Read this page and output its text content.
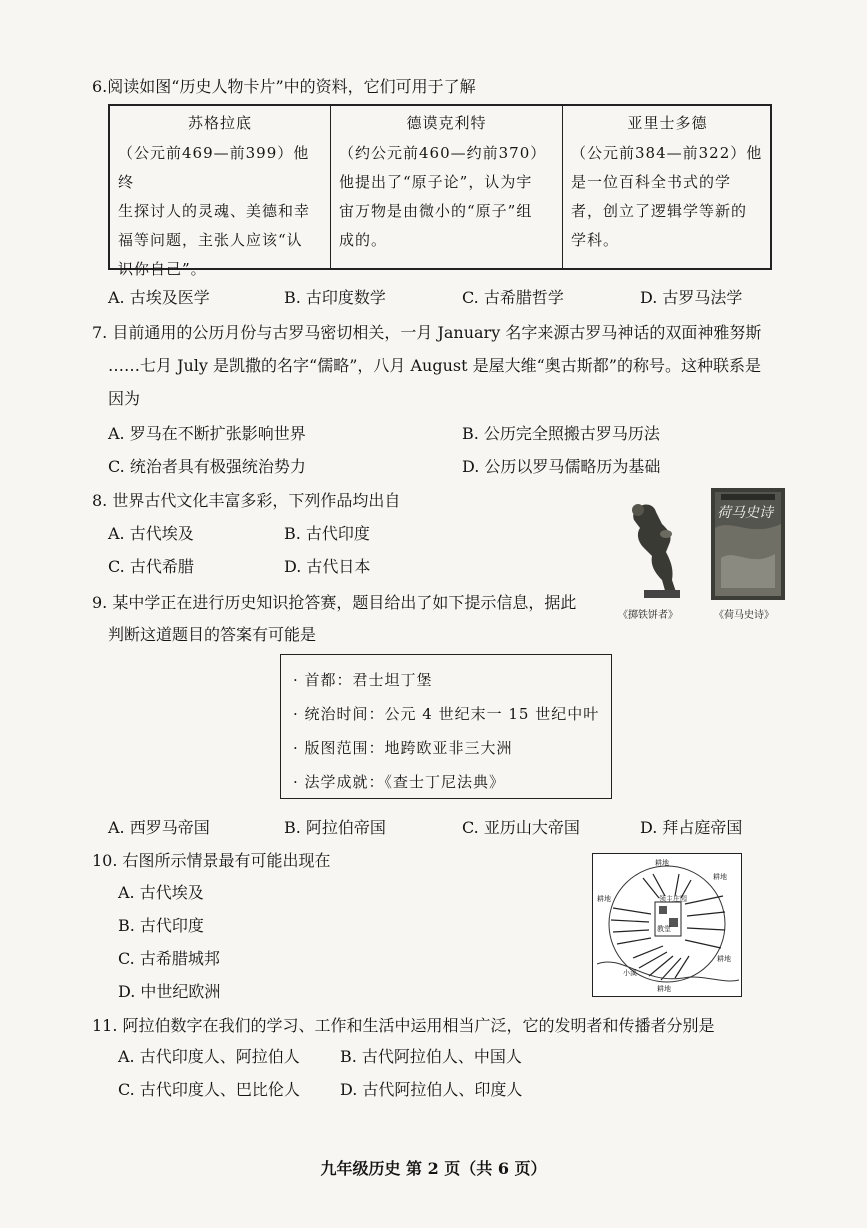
6.阅读如图“历史人物卡片”中的资料，它们可用于了解
苏格拉底
（公元前469—前399）他终
生探讨人的灵魂、美德和幸
福等问题，主张人应该“认
识你自己”。
德谟克利特
（约公元前460—约前370）
他提出了“原子论”，认为宇
宙万物是由微小的“原子”组
成的。
亚里士多德
（公元前384—前322）他
是一位百科全书式的学
者，创立了逻辑学等新的
学科。
A. 古埃及医学	B. 古印度数学	C. 古希腊哲学	D. 古罗马法学
7. 目前通用的公历月份与古罗马密切相关，一月 January 名字来源古罗马神话的双面神雅努斯
……七月 July 是凯撒的名字“儒略”，八月 August 是屋大维“奥古斯都”的称号。这种联系是
因为
A. 罗马在不断扩张影响世界	B. 公历完全照搬古罗马历法
C. 统治者具有极强统治势力	D. 公历以罗马儒略历为基础
8. 世界古代文化丰富多彩，下列作品均出自
A. 古代埃及	B. 古代印度
C. 古代希腊	D. 古代日本
《掷铁饼者》
荷马史诗
《荷马史诗》
9. 某中学正在进行历史知识抢答赛，题目给出了如下提示信息，据此
判断这道题目的答案有可能是
· 首都：君士坦丁堡
· 统治时间：公元 4 世纪末一 15 世纪中叶
· 版图范围：地跨欧亚非三大洲
· 法学成就：《查士丁尼法典》
A. 西罗马帝国	B. 阿拉伯帝国	C. 亚历山大帝国	D. 拜占庭帝国
10. 右图所示情景最有可能出现在
A. 古代埃及
B. 古代印度
C. 古希腊城邦
D. 中世纪欧洲
耕地
耕地
耕地
耕地
耕地
教堂
领主庄园
小溪
11. 阿拉伯数字在我们的学习、工作和生活中运用相当广泛，它的发明者和传播者分别是
A. 古代印度人、阿拉伯人	B. 古代阿拉伯人、中国人
C. 古代印度人、巴比伦人	D. 古代阿拉伯人、印度人
九年级历史 第 2 页（共 6 页）
